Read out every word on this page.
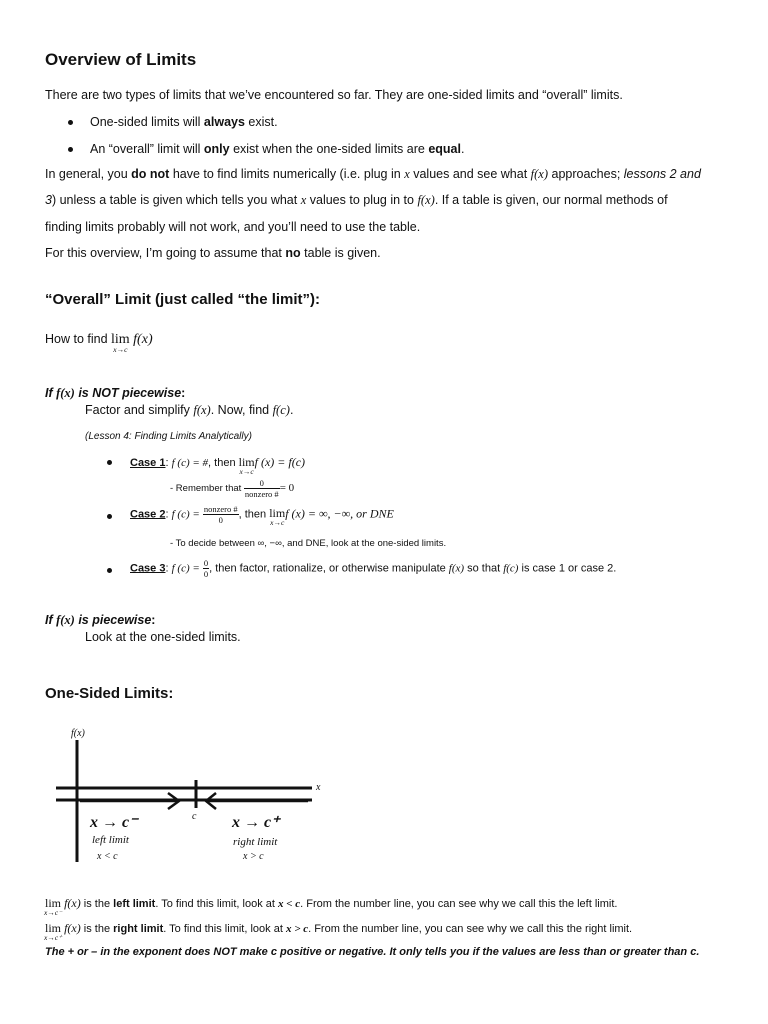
Overview of Limits
There are two types of limits that we’ve encountered so far. They are one-sided limits and “overall” limits.
One-sided limits will always exist.
An “overall” limit will only exist when the one-sided limits are equal.
In general, you do not have to find limits numerically (i.e. plug in x values and see what f(x) approaches; lessons 2 and
3) unless a table is given which tells you what x values to plug in to f(x). If a table is given, our normal methods of
finding limits probably will not work, and you’ll need to use the table.
For this overview, I’m going to assume that no table is given.
“Overall” Limit (just called “the limit”):
How to find lim
x→c
f(x)
If f(x) is NOT piecewise:
Factor and simplify f(x). Now, find f(c).
(Lesson 4: Finding Limits Analytically)
Case 1: f (c) = #, then lim
x→c
f (x) = f(c)
- Remember that $\frac{0}{\text{nonzero \#}} = 0$
Case 2: f $(c) = \frac{\text{nonzero \#}}{0}$ , then lim
x→c
f (x) = ∞, −∞, or DNE
- To decide between ∞, −∞, and DNE, look at the one-sided limits.
Case 3: f $(c) = \frac{0}{0}$ , then factor, rationalize, or otherwise manipulate f(x) so that f(c) is case 1 or case 2.
If f(x) is piecewise:
Look at the one-sided limits.
One-Sided Limits:
f(x)
x
c
x → c⁻
left limit
x < c
x → c⁺
right limit
x > c
lim
x→c⁻
f(x) is the left limit. To find this limit, look at x < c. From the number line, you can see why we call this the left limit.
lim
x→c⁺
f(x) is the right limit. To find this limit, look at x > c. From the number line, you can see why we call this the right limit.
The + or – in the exponent does NOT make c positive or negative. It only tells you if the values are less than or greater than c.
